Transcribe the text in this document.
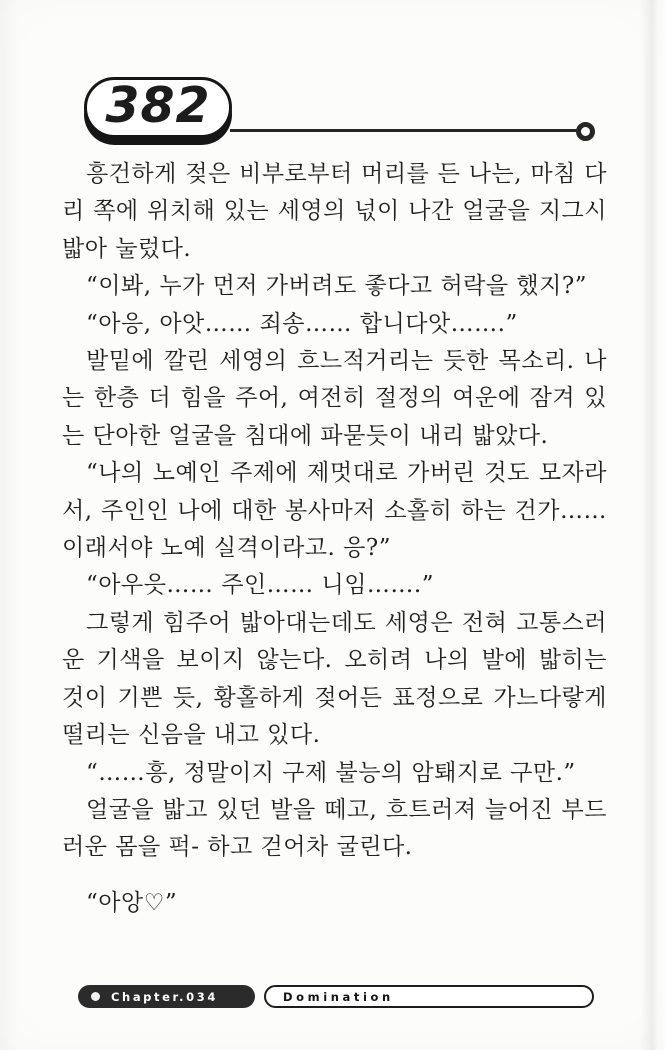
382

흥건하게 젖은 비부로부터 머리를 든 나는, 마침 다리 쪽에 위치해 있는 세영의 넋이 나간 얼굴을 지그시 밟아 눌렀다.

“이봐, 누가 먼저 가버려도 좋다고 허락을 했지?”

“아응, 아앗…… 죄송…… 합니다앗…….”

발밑에 깔린 세영의 흐느적거리는 듯한 목소리. 나는 한층 더 힘을 주어, 여전히 절정의 여운에 잠겨 있는 단아한 얼굴을 침대에 파묻듯이 내리 밟았다.

“나의 노예인 주제에 제멋대로 가버린 것도 모자라서, 주인인 나에 대한 봉사마저 소홀히 하는 건가…… 이래서야 노예 실격이라고. 응?”

“아우읏…… 주인…… 니임…….”

그렇게 힘주어 밟아대는데도 세영은 전혀 고통스러운 기색을 보이지 않는다. 오히려 나의 발에 밟히는 것이 기쁜 듯, 황홀하게 젖어든 표정으로 가느다랗게 떨리는 신음을 내고 있다.

“……흥, 정말이지 구제 불능의 암퇘지로 구만.”

얼굴을 밟고 있던 발을 떼고, 흐트러져 늘어진 부드러운 몸을 퍽- 하고 걷어차 굴린다.

“아앙♡”

Chapter.034	Domination
